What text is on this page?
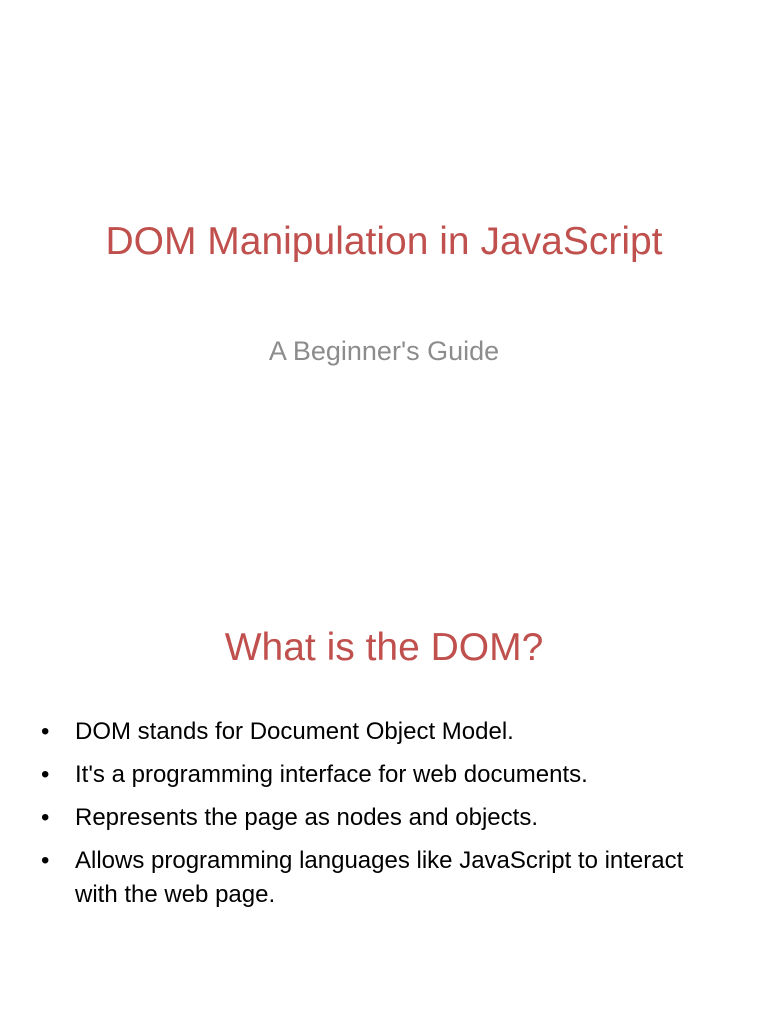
DOM Manipulation in JavaScript
A Beginner's Guide
What is the DOM?
•	DOM stands for Document Object Model.
•	It's a programming interface for web documents.
•	Represents the page as nodes and objects.
•	Allows programming languages like JavaScript to interact with the web page.
